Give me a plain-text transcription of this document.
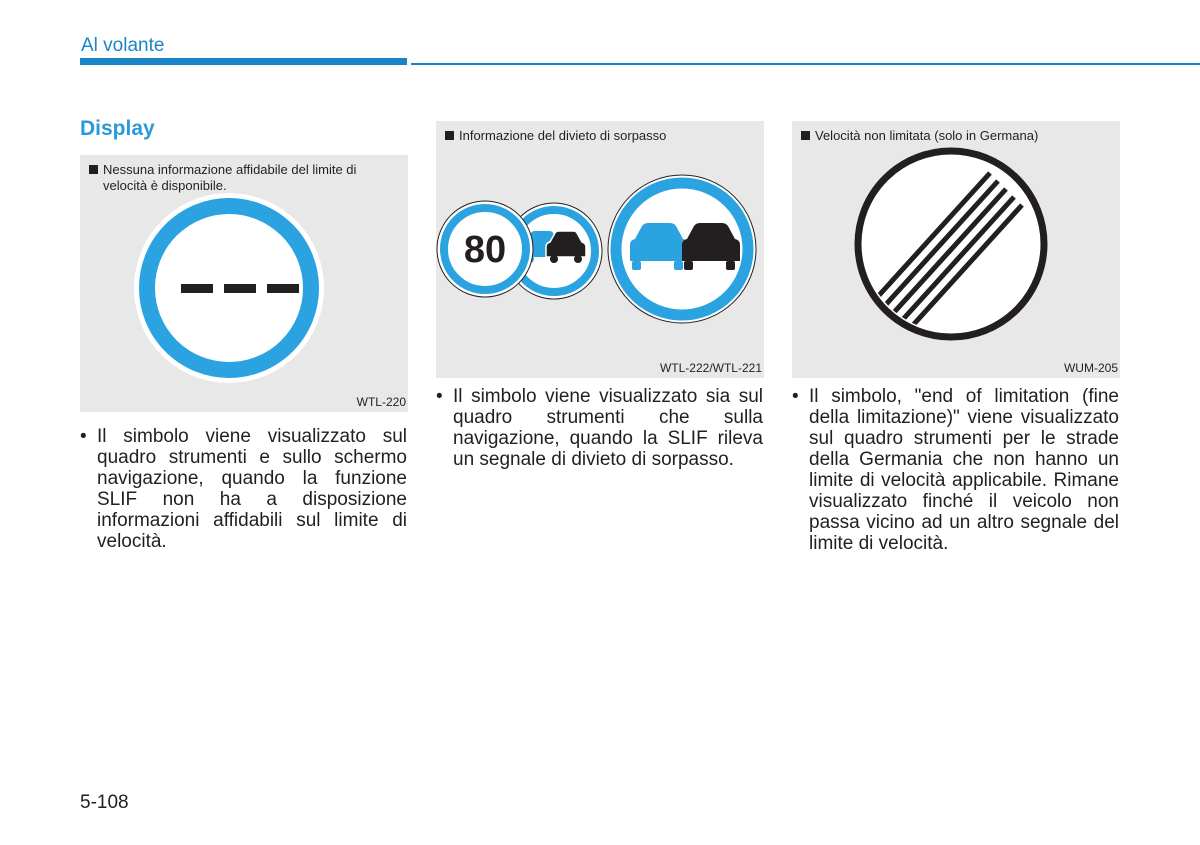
Al volante
Display
Nessuna informazione affidabile del limite di velocità è disponibile.
WTL-220
Informazione del divieto di sorpasso
80
WTL-222/WTL-221
Velocità non limitata (solo in Germana)
WUM-205
• Il simbolo viene visualizzato sul quadro strumenti e sullo schermo navigazione, quando la funzione SLIF non ha a disposizione informazioni affidabili sul limite di velocità.
• Il simbolo viene visualizzato sia sul quadro strumenti che sulla navigazione, quando la SLIF rileva un segnale di divieto di sorpasso.
• Il simbolo, "end of limitation (fine della limitazione)" viene visualizzato sul quadro strumenti per le strade della Germania che non hanno un limite di velocità applicabile. Rimane visualizzato finché il veicolo non passa vicino ad un altro segnale del limite di velocità.
5-108
